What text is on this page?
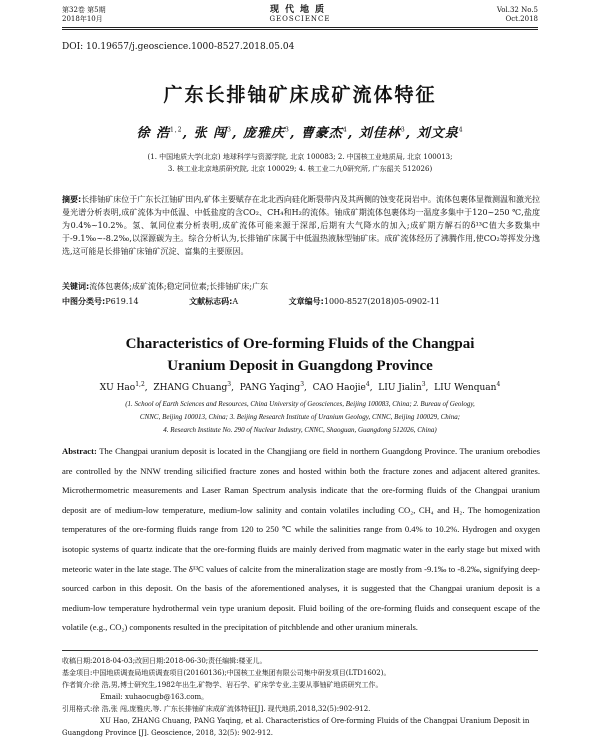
第32卷 第5期
2018年10月
现代地质
GEOSCIENCE
Vol.32 No.5
Oct.2018
DOI: 10.19657/j.geoscience.1000-8527.2018.05.04
广东长排铀矿床成矿流体特征
徐 浩$^{1,2}$, 张 闯$^3$, 庞雅庆$^3$, 曹豪杰$^4$, 刘佳林$^3$, 刘文泉$^4$
(1. 中国地质大学(北京) 地球科学与资源学院, 北京 100083; 2. 中国核工业地质局, 北京 100013;
3. 核工业北京地质研究院, 北京 100029; 4. 核工业二九0研究所, 广东韶关 512026)
摘要:长排铀矿床位于广东长江铀矿田内,矿体主要赋存在北北西向硅化断裂带内及其两侧的蚀变花岗岩中。流体包裹体显微测温和激光拉曼光谱分析表明,成矿流体为中低温、中低盐度的含CO₂、CH₄和H₂的流体。铀成矿期流体包裹体均一温度多集中于120~250 ℃,盐度为0.4%~10.2%。氢、氧同位素分析表明,成矿流体可能来源于深部,后期有大气降水的加入;成矿期方解石的δ¹³C值大多数集中于-9.1‰~-8.2‰,以深源碳为主。综合分析认为,长排铀矿床属于中低温热液脉型铀矿床。成矿流体经历了沸腾作用,使CO₂等挥发分逸选,这可能是长排铀矿床铀矿沉淀、富集的主要原因。
关键词:流体包裹体;成矿流体;稳定同位素;长排铀矿床;广东
中图分类号:P619.14	文献标志码:A	文章编号:1000-8527(2018)05-0902-11
Characteristics of Ore-forming Fluids of the Changpai
Uranium Deposit in Guangdong Province
XU Hao$^{1,2}$,  ZHANG Chuang$^3$,  PANG Yaqing$^3$,  CAO Haojie$^4$,  LIU Jialin$^3$,  LIU Wenquan$^4$
(1. School of Earth Sciences and Resources, China University of Geosciences, Beijing 100083, China; 2. Bureau of Geology,
CNNC, Beijing 100013, China; 3. Beijing Research Institute of Uranium Geology, CNNC, Beijing 100029, China;
4. Research Institute No. 290 of Nuclear Industry, CNNC, Shaoguan, Guangdong 512026, China)
Abstract: The Changpai uranium deposit is located in the Changjiang ore field in northern Guangdong Province. The uranium orebodies are controlled by the NNW trending silicified fracture zones and hosted within both the fracture zones and adjacent altered granites. Microthermometric measurements and Laser Raman Spectrum analysis indicate that the ore-forming fluids of the Changpai uranium deposit are of medium-low temperature, medium-low salinity and contain volatiles including CO₂, CH₄ and H₂. The homogenization temperatures of the ore-forming fluids range from 120 to 250 ℃ while the salinities range from 0.4% to 10.2%. Hydrogen and oxygen isotopic systems of quartz indicate that the ore-forming fluids are mainly derived from magmatic water in the early stage but mixed with meteoric water in the late stage. The δ¹³C values of calcite from the mineralization stage are mostly from -9.1‰ to -8.2‰, signifying deep-sourced carbon in this deposit. On the basis of the aforementioned analyses, it is suggested that the Changpai uranium deposit is a medium-low temperature hydrothermal vein type uranium deposit. Fluid boiling of the ore-forming fluids and consequent escape of the volatile (e.g., CO₂) components resulted in the precipitation of pitchblende and other uranium minerals.
收稿日期:2018-04-03;改回日期:2018-06-30;责任编辑:楼亚儿。
基金项目:中国地质调查局地质调查项目(20160136);中国核工业集团有限公司集中研发项目(LTD1602)。
作者简介:徐 浩,男,博士研究生,1982年出生,矿物学、岩石学、矿床学专业,主要从事铀矿地质研究工作。
Email: xuhaocugb@163.com。
引用格式:徐 浩,张 闯,庞雅庆,等. 广东长排铀矿床成矿流体特征[J]. 现代地质,2018,32(5):902-912.
XU Hao, ZHANG Chuang, PANG Yaqing, et al. Characteristics of Ore-forming Fluids of the Changpai Uranium Deposit in
Guangdong Province [J]. Geoscience, 2018, 32(5): 902-912.
